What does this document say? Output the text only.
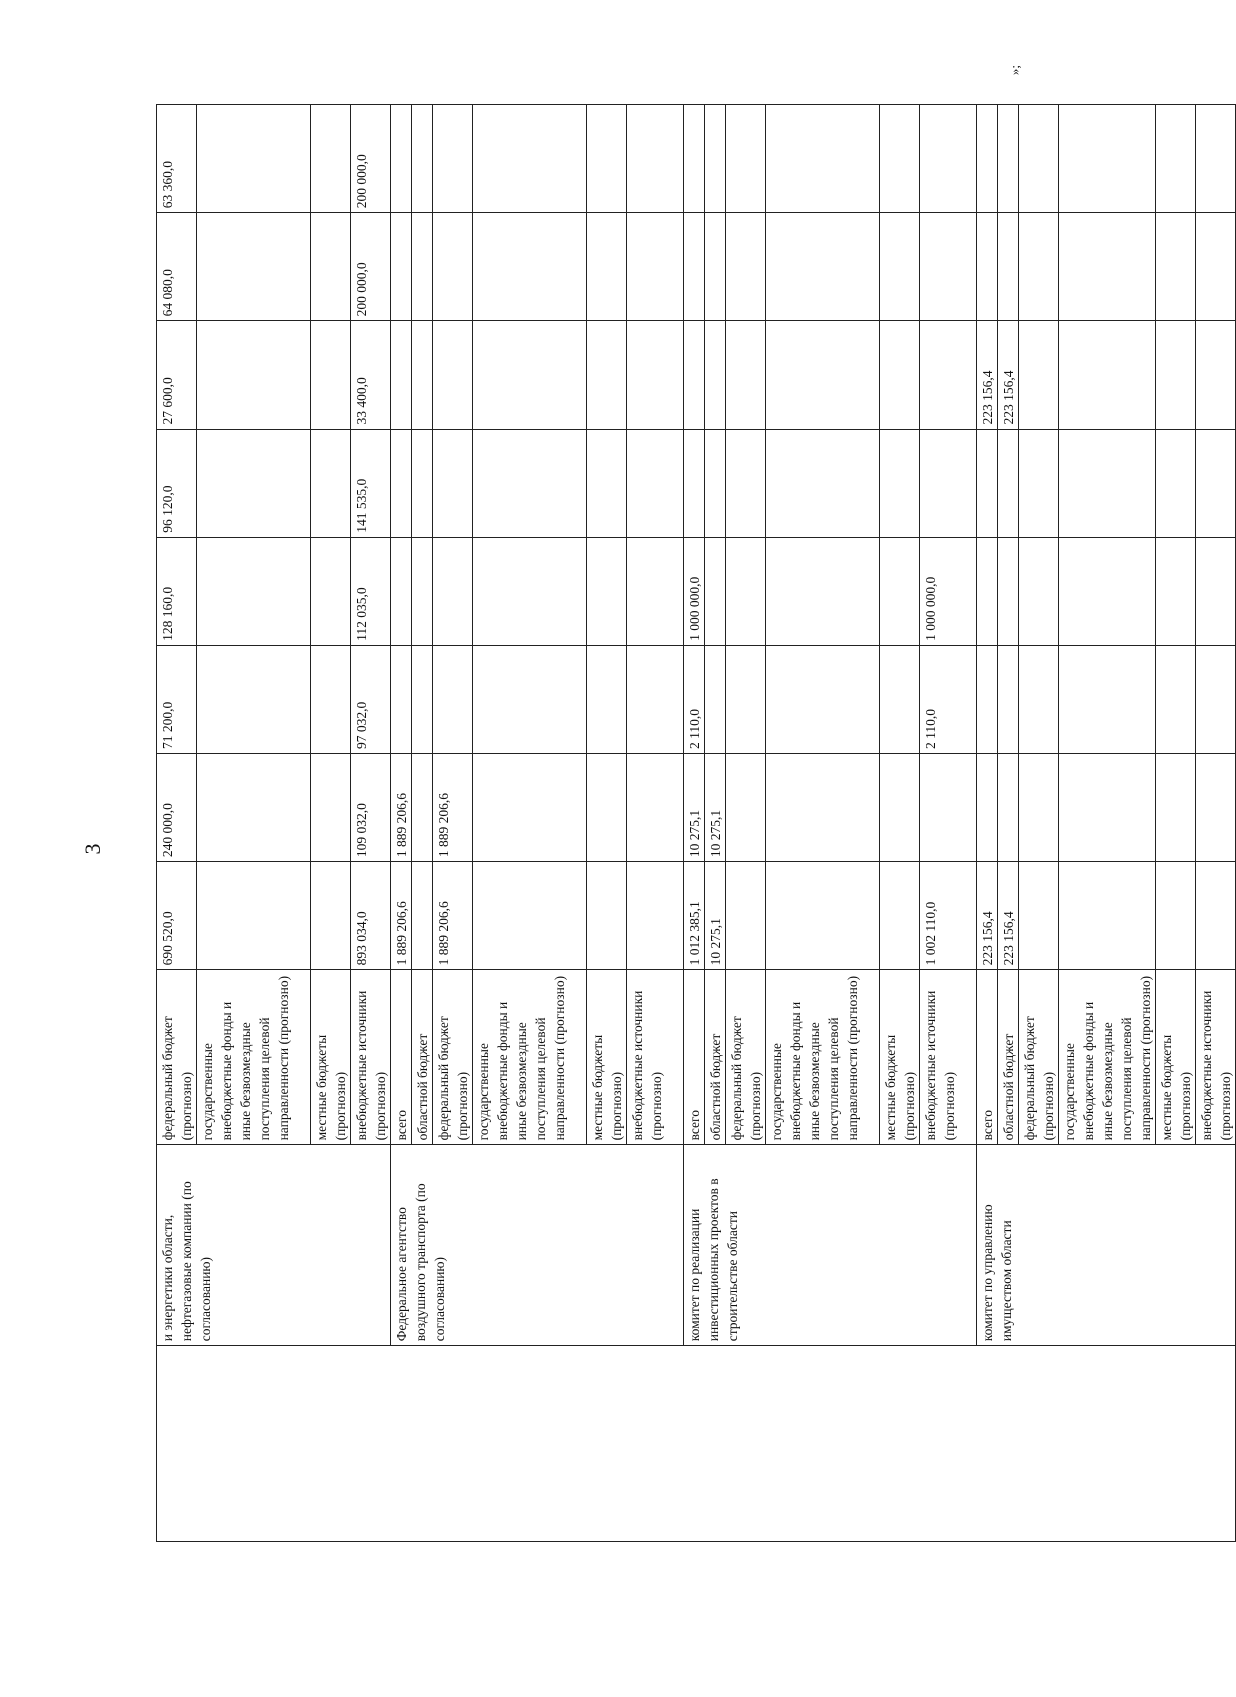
3
»;
	и энергетики области, нефтегазовые компании (по согласованию)	федеральный бюджет (прогнозно)	690 520,0	240 000,0	71 200,0	128 160,0	96 120,0	27 600,0	64 080,0	63 360,0
		государственные внебюджетные фонды и иные безвозмездные поступления целевой направленности (прогнозно)								
		местные бюджеты (прогнозно)								
		внебюджетные источники (прогнозно)	893 034,0	109 032,0	97 032,0	112 035,0	141 535,0	33 400,0	200 000,0	200 000,0
	Федеральное агентство воздушного транспорта (по согласованию)	всего	1 889 206,6	1 889 206,6						
		областной бюджет								
		федеральный бюджет (прогнозно)	1 889 206,6	1 889 206,6						
		государственные внебюджетные фонды и иные безвозмездные поступления целевой направленности (прогнозно)								
		местные бюджеты (прогнозно)								
		внебюджетные источники (прогнозно)								
	комитет по реализации инвестиционных проектов в строительстве области	всего	1 012 385,1	10 275,1	2 110,0	1 000 000,0				
		областной бюджет	10 275,1	10 275,1						
		федеральный бюджет (прогнозно)								
		государственные внебюджетные фонды и иные безвозмездные поступления целевой направленности (прогнозно)								
		местные бюджеты (прогнозно)								
		внебюджетные источники (прогнозно)	1 002 110,0		2 110,0	1 000 000,0				
	комитет по управлению имуществом области	всего	223 156,4					223 156,4		
		областной бюджет	223 156,4					223 156,4		
		федеральный бюджет (прогнозно)								
		государственные внебюджетные фонды и иные безвозмездные поступления целевой направленности (прогнозно)								
		местные бюджеты (прогнозно)								
		внебюджетные источники (прогнозно)								
